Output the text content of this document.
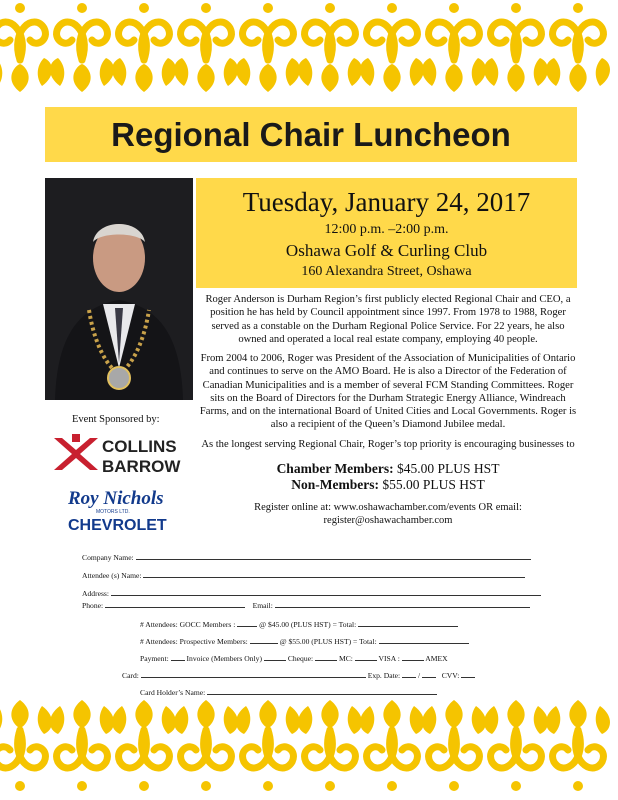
Regional Chair Luncheon
Tuesday, January 24, 2017
12:00 p.m. –2:00 p.m.
Oshawa Golf & Curling Club
160 Alexandra Street, Oshawa

Roger Anderson is Durham Region’s first publicly elected Regional Chair and CEO, a position he has held by Council appointment since 1997. From 1978 to 1988, Roger served as a constable on the Durham Regional Police Service. For 22 years, he also owned and operated a local real estate company, employing 40 people.

From 2004 to 2006, Roger was President of the Association of Municipalities of Ontario and continues to serve on the AMO Board. He is also a Director of the Federation of Canadian Municipalities and is a member of several FCM Standing Committees. Roger sits on the Board of Directors for the Durham Strategic Energy Alliance, Windreach Farms, and on the international Board of United Cities and Local Governments. Roger is also a recipient of the Queen’s Diamond Jubilee medal.

As the longest serving Regional Chair, Roger’s top priority is encouraging businesses to

Event Sponsored by:
COLLINS
BARROW
Roy Nichols
MOTORS LTD.
CHEVROLET
Chamber Members: $45.00 PLUS HST
Non-Members: $55.00 PLUS HST
Register online at: www.oshawachamber.com/events OR email:
register@oshawachamber.com
Company Name:
Attendee (s) Name:
Address:
Phone:	Email:
# Attendees: GOCC Members :	@ $45.00 (PLUS HST) = Total:
# Attendees: Prospective Members:	@ $55.00 (PLUS HST) = Total:
Payment: Invoice (Members Only)	Cheque:	MC:	VISA :	AMEX
Card:	Exp. Date: /	CVV:
Card Holder’s Name:
